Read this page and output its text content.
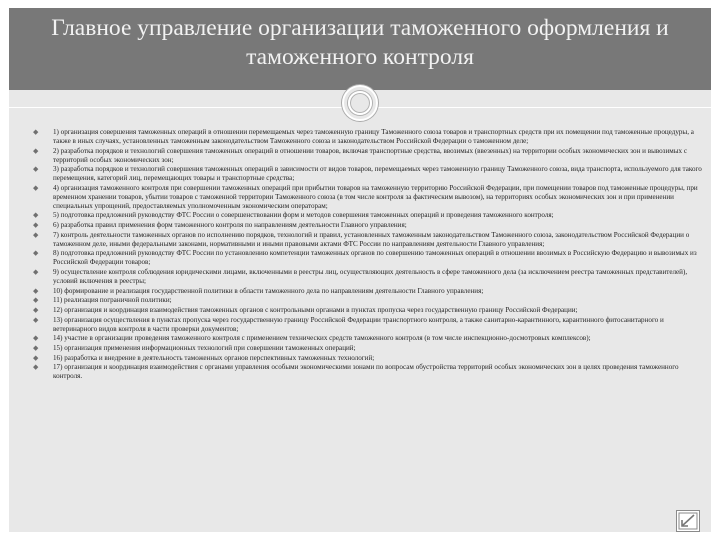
Главное управление организации таможенного оформления и таможенного контроля
◆	1) организация совершения таможенных операций в отношении перемещаемых через таможенную границу Таможенного союза товаров и транспортных средств при их помещении под таможенные процедуры, а также в иных случаях, установленных таможенным законодательством Таможенного союза и законодательством Российской Федерации о таможенном деле;
◆	2) разработка порядков и технологий совершения таможенных операций в отношении товаров, включая транспортные средства, ввозимых (ввезенных) на территории особых экономических зон и вывозимых с территорий особых экономических зон;
◆	3) разработка порядков и технологий совершения таможенных операций в зависимости от видов товаров, перемещаемых через таможенную границу Таможенного союза, вида транспорта, используемого для такого перемещения, категорий лиц, перемещающих товары и транспортные средства;
◆	4) организация таможенного контроля при совершении таможенных операций при прибытии товаров на таможенную территорию Российской Федерации, при помещении товаров под таможенные процедуры, при временном хранении товаров, убытии товаров с таможенной территории Таможенного союза (в том числе контроля за фактическим вывозом), на территориях особых экономических зон и при применении специальных упрощений, предоставляемых уполномоченным экономическим операторам;
◆	5) подготовка предложений руководству ФТС России о совершенствовании форм и методов совершения таможенных операций и проведения таможенного контроля;
◆	6) разработка правил применения форм таможенного контроля по направлениям деятельности Главного управления;
◆	7) контроль деятельности таможенных органов по исполнению порядков, технологий и правил, установленных таможенным законодательством Таможенного союза, законодательством Российской Федерации о таможенном деле, иными федеральными законами, нормативными и иными правовыми актами ФТС России по направлениям деятельности Главного управления;
◆	8) подготовка предложений руководству ФТС России по установлению компетенции таможенных органов по совершению таможенных операций в отношении ввозимых в Российскую Федерацию и вывозимых из Российской Федерации товаров;
◆	9) осуществление контроля соблюдения юридическими лицами, включенными в реестры лиц, осуществляющих деятельность в сфере таможенного дела (за исключением реестра таможенных представителей), условий включения в реестры;
◆	10) формирование и реализация государственной политики в области таможенного дела по направлениям деятельности Главного управления;
◆	11) реализация пограничной политики;
◆	12) организация и координация взаимодействия таможенных органов с контрольными органами в пунктах пропуска через государственную границу Российской Федерации;
◆	13) организация осуществления в пунктах пропуска через государственную границу Российской Федерации транспортного контроля, а также санитарно-карантинного, карантинного фитосанитарного и ветеринарного видов контроля в части проверки документов;
◆	14) участие в организации проведения таможенного контроля с применением технических средств таможенного контроля (в том числе инспекционно-досмотровых комплексов);
◆	15) организация применения информационных технологий при совершении таможенных операций;
◆	16) разработка и внедрение в деятельность таможенных органов перспективных таможенных технологий;
◆	17) организация и координация взаимодействия с органами управления особыми экономическими зонами по вопросам обустройства территорий особых экономических зон в целях проведения таможенного контроля.
